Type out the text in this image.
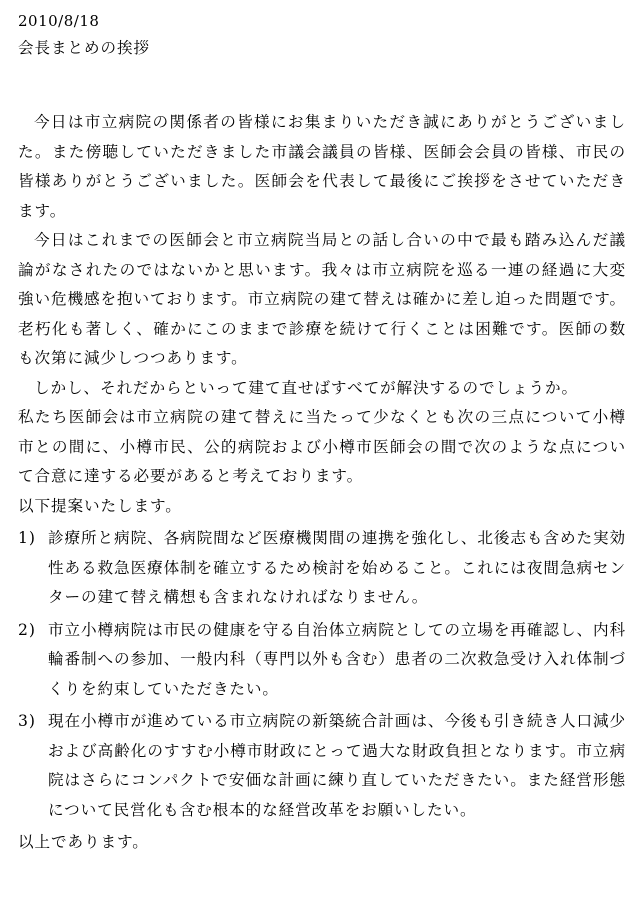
2010/8/18
会長まとめの挨拶

今日は市立病院の関係者の皆様にお集まりいただき誠にありがとうございました。また傍聴していただきました市議会議員の皆様、医師会会員の皆様、市民の皆様ありがとうございました。医師会を代表して最後にご挨拶をさせていただきます。

今日はこれまでの医師会と市立病院当局との話し合いの中で最も踏み込んだ議論がなされたのではないかと思います。我々は市立病院を巡る一連の経過に大変強い危機感を抱いております。市立病院の建て替えは確かに差し迫った問題です。老朽化も著しく、確かにこのままで診療を続けて行くことは困難です。医師の数も次第に減少しつつあります。

しかし、それだからといって建て直せばすべてが解決するのでしょうか。

私たち医師会は市立病院の建て替えに当たって少なくとも次の三点について小樽市との間に、小樽市民、公的病院および小樽市医師会の間で次のような点について合意に達する必要があると考えております。

以下提案いたします。

1) 診療所と病院、各病院間など医療機関間の連携を強化し、北後志も含めた実効性ある救急医療体制を確立するため検討を始めること。これには夜間急病センターの建て替え構想も含まれなければなりません。
2) 市立小樽病院は市民の健康を守る自治体立病院としての立場を再確認し、内科輪番制への参加、一般内科（専門以外も含む）患者の二次救急受け入れ体制づくりを約束していただきたい。
3) 現在小樽市が進めている市立病院の新築統合計画は、今後も引き続き人口減少および高齢化のすすむ小樽市財政にとって過大な財政負担となります。市立病院はさらにコンパクトで安価な計画に練り直していただきたい。また経営形態について民営化も含む根本的な経営改革をお願いしたい。
以上であります。
